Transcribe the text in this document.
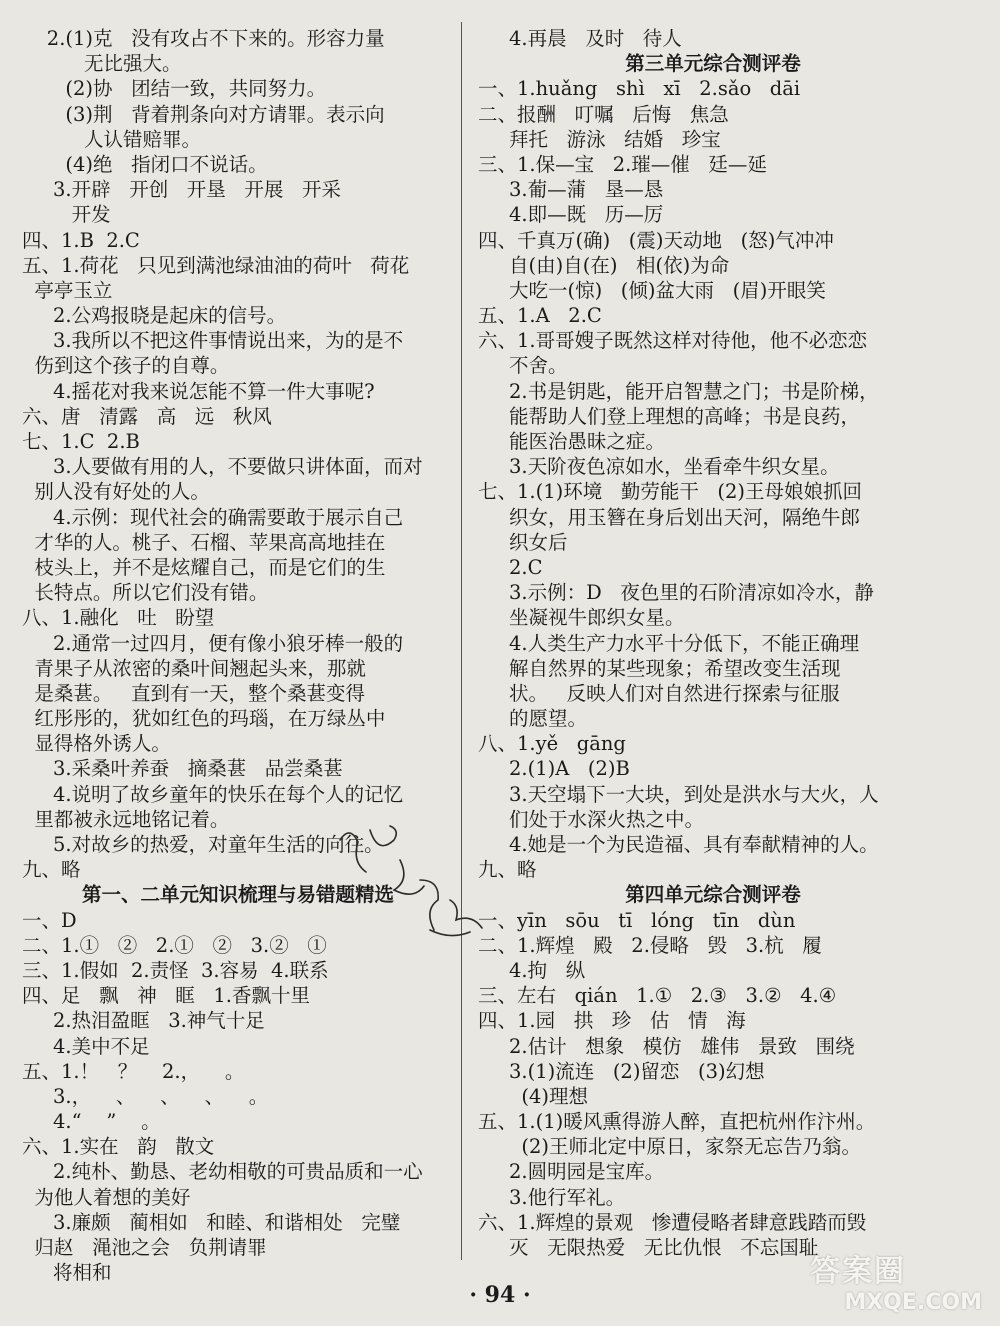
2.(1)克   没有攻占不下来的。形容力量
无比强大。
(2)协   团结一致，共同努力。
(3)荆   背着荆条向对方请罪。表示向
人认错赔罪。
(4)绝   指闭口不说话。
3.开辟   开创   开垦   开展   开采
开发
四、1.B  2.C
五、1.荷花   只见到满池绿油油的荷叶   荷花
亭亭玉立
2.公鸡报晓是起床的信号。
3.我所以不把这件事情说出来，为的是不
伤到这个孩子的自尊。
4.摇花对我来说怎能不算一件大事呢?
六、唐   清露   高   远   秋风
七、1.C  2.B
3.人要做有用的人，不要做只讲体面，而对
别人没有好处的人。
4.示例：现代社会的确需要敢于展示自己
才华的人。桃子、石榴、苹果高高地挂在
枝头上，并不是炫耀自己，而是它们的生
长特点。所以它们没有错。
八、1.融化   吐   盼望
2.通常一过四月，便有像小狼牙棒一般的
青果子从浓密的桑叶间翘起头来，那就
是桑葚。   直到有一天，整个桑葚变得
红彤彤的，犹如红色的玛瑙，在万绿丛中
显得格外诱人。
3.采桑叶养蚕   摘桑葚   品尝桑葚
4.说明了故乡童年的快乐在每个人的记忆
里都被永远地铭记着。
5.对故乡的热爱，对童年生活的向往。
九、略
第一、二单元知识梳理与易错题精选
一、D
二、1.①   ②   2.①   ②   3.②   ①
三、1.假如  2.责怪  3.容易  4.联系
四、足   飘   神   眶   1.香飘十里
2.热泪盈眶   3.神气十足
4.美中不足
五、1.！   ？    2.，    。
3.，    、    、    、    。
4.“    ”    。
六、1.实在   韵   散文
2.纯朴、勤恳、老幼相敬的可贵品质和一心
为他人着想的美好
3.廉颇   蔺相如   和睦、和谐相处   完璧
归赵   渑池之会   负荆请罪
将相和
4.再晨   及时   待人
第三单元综合测评卷
一、1.huǎng   shì   xī   2.sǎo   dāi
二、报酬   叮嘱   后悔   焦急
拜托   游泳   结婚   珍宝
三、1.保—宝   2.璀—催   廷—延
3.葡—蒲   垦—恳
4.即—既   历—厉
四、千真万(确)   (震)天动地   (怒)气冲冲
自(由)自(在)   相(依)为命
大吃一(惊)   (倾)盆大雨   (眉)开眼笑
五、1.A   2.C
六、1.哥哥嫂子既然这样对待他，他不必恋恋
不舍。
2.书是钥匙，能开启智慧之门；书是阶梯，
能帮助人们登上理想的高峰；书是良药，
能医治愚昧之症。
3.天阶夜色凉如水，坐看牵牛织女星。
七、1.(1)环境   勤劳能干   (2)王母娘娘抓回
织女，用玉簪在身后划出天河，隔绝牛郎
织女后
2.C
3.示例：D   夜色里的石阶清凉如冷水，静
坐凝视牛郎织女星。
4.人类生产力水平十分低下，不能正确理
解自然界的某些现象；希望改变生活现
状。   反映人们对自然进行探索与征服
的愿望。
八、1.yě   gāng
2.(1)A   (2)B
3.天空塌下一大块，到处是洪水与大火，人
们处于水深火热之中。
4.她是一个为民造福、具有奉献精神的人。
九、略
第四单元综合测评卷
一、yīn   sōu   tī   lóng   tīn   dùn
二、1.辉煌   殿   2.侵略   毁   3.杭   履
4.拘   纵
三、左右   qián   1.①   2.③   3.②   4.④
四、1.园   拱   珍   估   情   海
2.估计   想象   模仿   雄伟   景致   围绕
3.(1)流连   (2)留恋   (3)幻想
(4)理想
五、1.(1)暖风熏得游人醉，直把杭州作汴州。
(2)王师北定中原日，家祭无忘告乃翁。
2.圆明园是宝库。
3.他行军礼。
六、1.辉煌的景观   惨遭侵略者肆意践踏而毁
灭   无限热爱   无比仇恨   不忘国耻
· 94 ·
答案圈
MXQE.COM
